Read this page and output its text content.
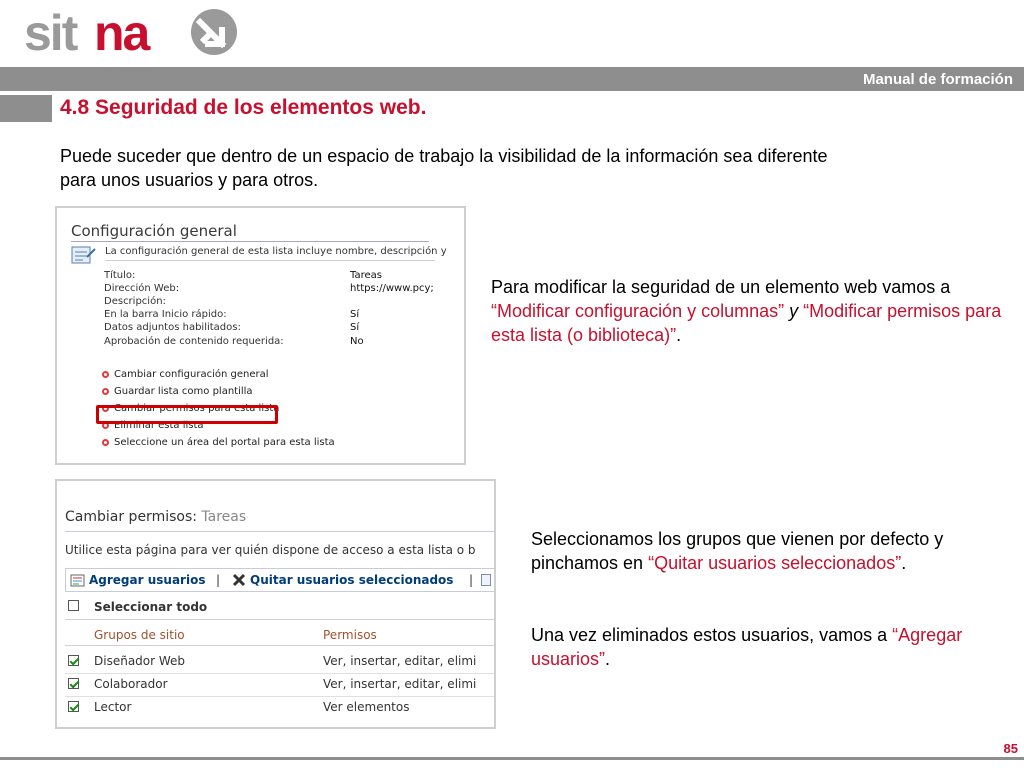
sit na
Manual de formación
4.8 Seguridad de los elementos web.
Puede suceder que dentro de un espacio de trabajo la visibilidad de la información sea diferente para unos usuarios y para otros.
Configuración general
La configuración general de esta lista incluye nombre, descripción y
Título:	Tareas
Dirección Web:	https://www.pcy;
Descripción:
En la barra Inicio rápido:	Sí
Datos adjuntos habilitados:	Sí
Aprobación de contenido requerida:	No
Cambiar configuración general
Guardar lista como plantilla
Cambiar permisos para esta lista
Eliminar esta lista
Seleccione un área del portal para esta lista
Cambiar permisos: Tareas
Utilice esta página para ver quién dispone de acceso a esta lista o b
Agregar usuarios | Quitar usuarios seleccionados |
Seleccionar todo
Grupos de sitio	Permisos
Diseñador Web	Ver, insertar, editar, elimi
Colaborador	Ver, insertar, editar, elimi
Lector	Ver elementos
Para modificar la seguridad de un elemento web vamos a “Modificar configuración y columnas” y “Modificar permisos para esta lista (o biblioteca)”.
Seleccionamos los grupos que vienen por defecto y pinchamos en “Quitar usuarios seleccionados”.
Una vez eliminados estos usuarios, vamos a “Agregar usuarios”.
85
